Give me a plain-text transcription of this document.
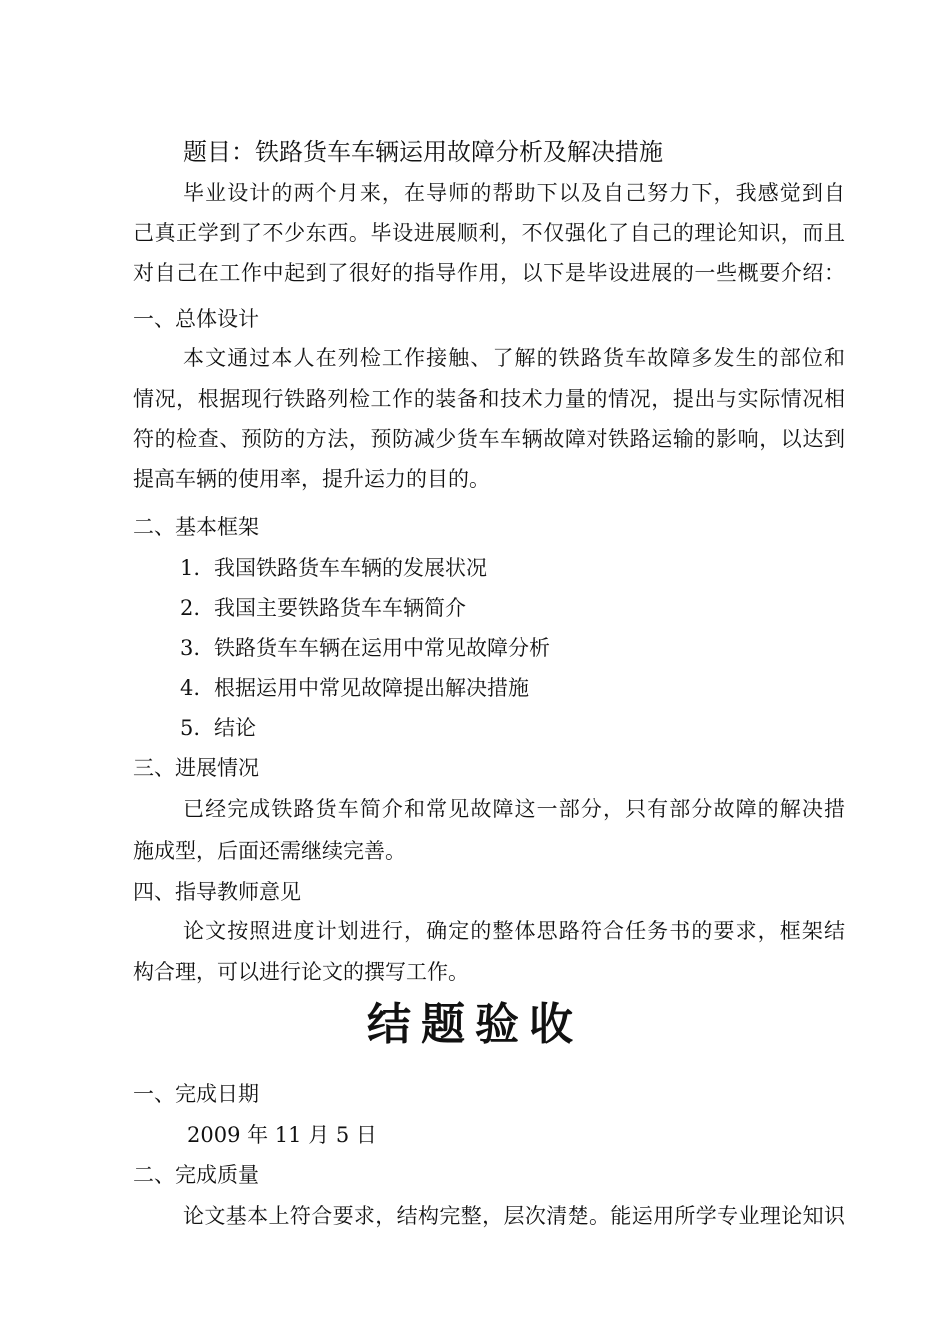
题目：铁路货车车辆运用故障分析及解决措施
毕业设计的两个月来，在导师的帮助下以及自己努力下，我感觉到自
己真正学到了不少东西。毕设进展顺利，不仅强化了自己的理论知识，而且
对自己在工作中起到了很好的指导作用，以下是毕设进展的一些概要介绍：
一、总体设计
本文通过本人在列检工作接触、了解的铁路货车故障多发生的部位和
情况，根据现行铁路列检工作的装备和技术力量的情况，提出与实际情况相
符的检查、预防的方法，预防减少货车车辆故障对铁路运输的影响，以达到
提高车辆的使用率，提升运力的目的。
二、基本框架
1. 我国铁路货车车辆的发展状况
2. 我国主要铁路货车车辆简介
3. 铁路货车车辆在运用中常见故障分析
4. 根据运用中常见故障提出解决措施
5. 结论
三、进展情况
已经完成铁路货车简介和常见故障这一部分，只有部分故障的解决措
施成型，后面还需继续完善。
四、指导教师意见
论文按照进度计划进行，确定的整体思路符合任务书的要求，框架结
构合理，可以进行论文的撰写工作。
结题验收
一、完成日期
2009 年 11 月 5 日
二、完成质量
论文基本上符合要求，结构完整，层次清楚。能运用所学专业理论知识
